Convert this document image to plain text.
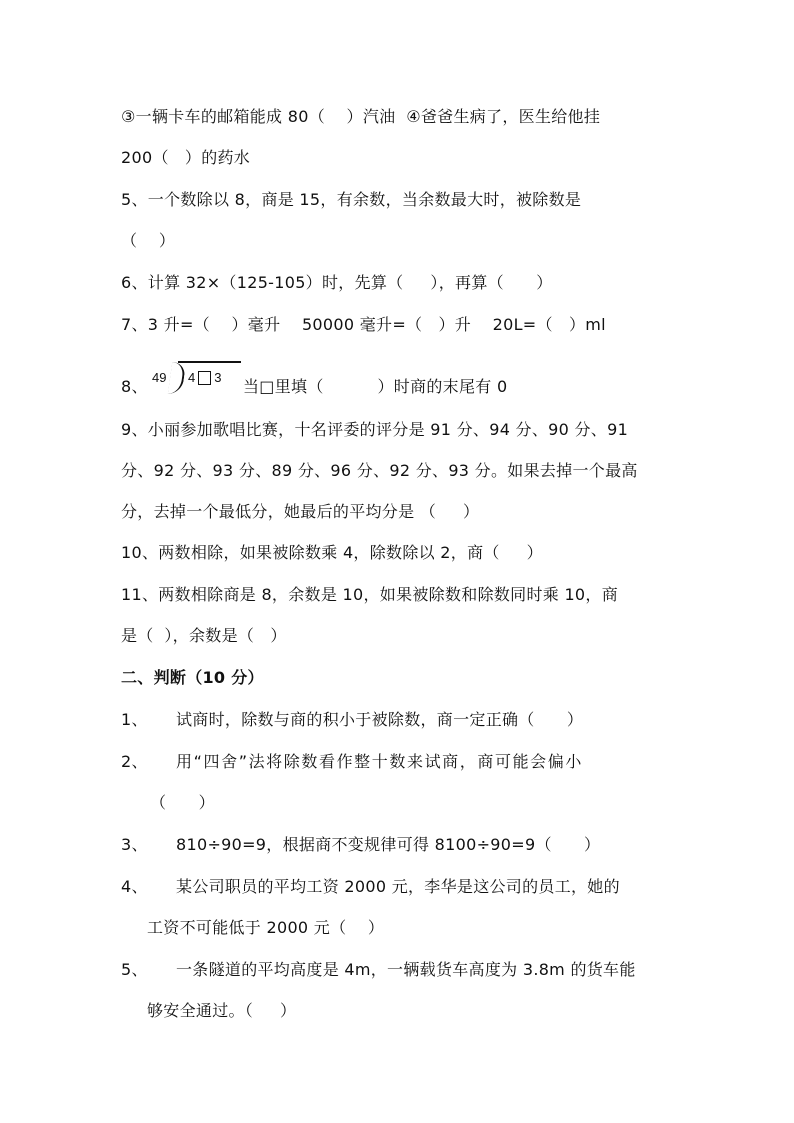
③一辆卡车的邮箱能成 80（    ）汽油  ④爸爸生病了，医生给他挂
200（   ）的药水
5、一个数除以 8，商是 15，有余数，当余数最大时，被除数是
（    ）
6、计算 32×（125-105）时，先算（     ），再算（      ）
7、3 升=（    ）毫升    50000 毫升=（   ）升    20L=（   ）ml
8、 49 4 3 当□里填（          ）时商的末尾有 0
9、小丽参加歌唱比赛，十名评委的评分是 91 分、94 分、90 分、91
分、92 分、93 分、89 分、96 分、92 分、93 分。如果去掉一个最高
分，去掉一个最低分，她最后的平均分是 （     ）
10、两数相除，如果被除数乘 4，除数除以 2，商（     ）
11、两数相除商是 8，余数是 10，如果被除数和除数同时乘 10，商
是（  ），余数是（   ）
二、判断（10 分）
1、 试商时，除数与商的积小于被除数，商一定正确（      ）
2、 用“四舍”法将除数看作整十数来试商，商可能会偏小
（      ）
3、 810÷90=9，根据商不变规律可得 8100÷90=9（      ）
4、 某公司职员的平均工资 2000 元，李华是这公司的员工，她的
工资不可能低于 2000 元（    ）
5、 一条隧道的平均高度是 4m，一辆载货车高度为 3.8m 的货车能
够安全通过。（     ）
